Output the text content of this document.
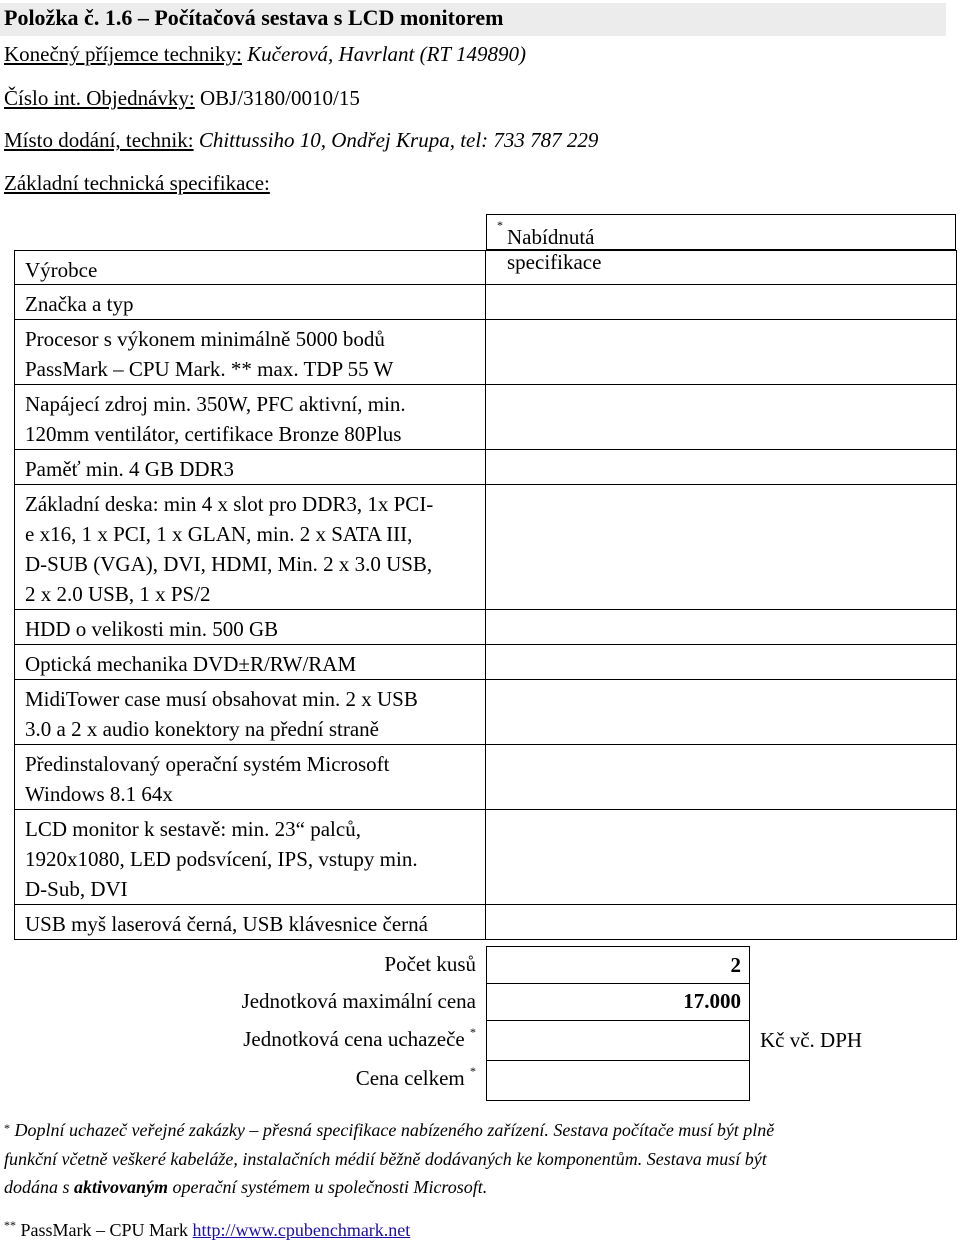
Položka č. 1.6 – Počítačová sestava s LCD monitorem
Konečný příjemce techniky: Kučerová, Havrlant (RT 149890)
Číslo int. Objednávky: OBJ/3180/0010/15
Místo dodání, technik: Chittussiho 10, Ondřej Krupa, tel: 733 787 229
Základní technická specifikace:
Nabídnutá specifikace
*
Výrobce
Značka a typ
Procesor s výkonem minimálně 5000 bodů
PassMark – CPU Mark. ** max. TDP 55 W
Napájecí zdroj min. 350W, PFC aktivní, min.
120mm ventilátor, certifikace Bronze 80Plus
Paměť min. 4 GB DDR3
Základní deska: min 4 x slot pro DDR3, 1x PCI-
e x16, 1 x PCI, 1 x GLAN, min. 2 x SATA III,
D-SUB (VGA), DVI, HDMI, Min. 2 x 3.0 USB,
2 x 2.0 USB, 1 x PS/2
HDD o velikosti min. 500 GB
Optická mechanika DVD±R/RW/RAM
MidiTower case musí obsahovat min. 2 x USB
3.0 a 2 x audio konektory na přední straně
Předinstalovaný operační systém Microsoft
Windows 8.1 64x
LCD monitor k sestavě: min. 23“ palců,
1920x1080, LED podsvícení, IPS, vstupy min.
D-Sub, DVI
USB myš laserová černá, USB klávesnice černá
Počet kusů	2
Jednotková maximální cena	17.000
Jednotková cena uchazeče *
Cena celkem *
Kč vč. DPH
* Doplní uchazeč veřejné zakázky – přesná specifikace nabízeného zařízení. Sestava počítače musí být plně
funkční včetně veškeré kabeláže, instalačních médií běžně dodávaných ke komponentům. Sestava musí být
dodána s aktivovaným operační systémem u společnosti Microsoft.
** PassMark – CPU Mark http://www.cpubenchmark.net
